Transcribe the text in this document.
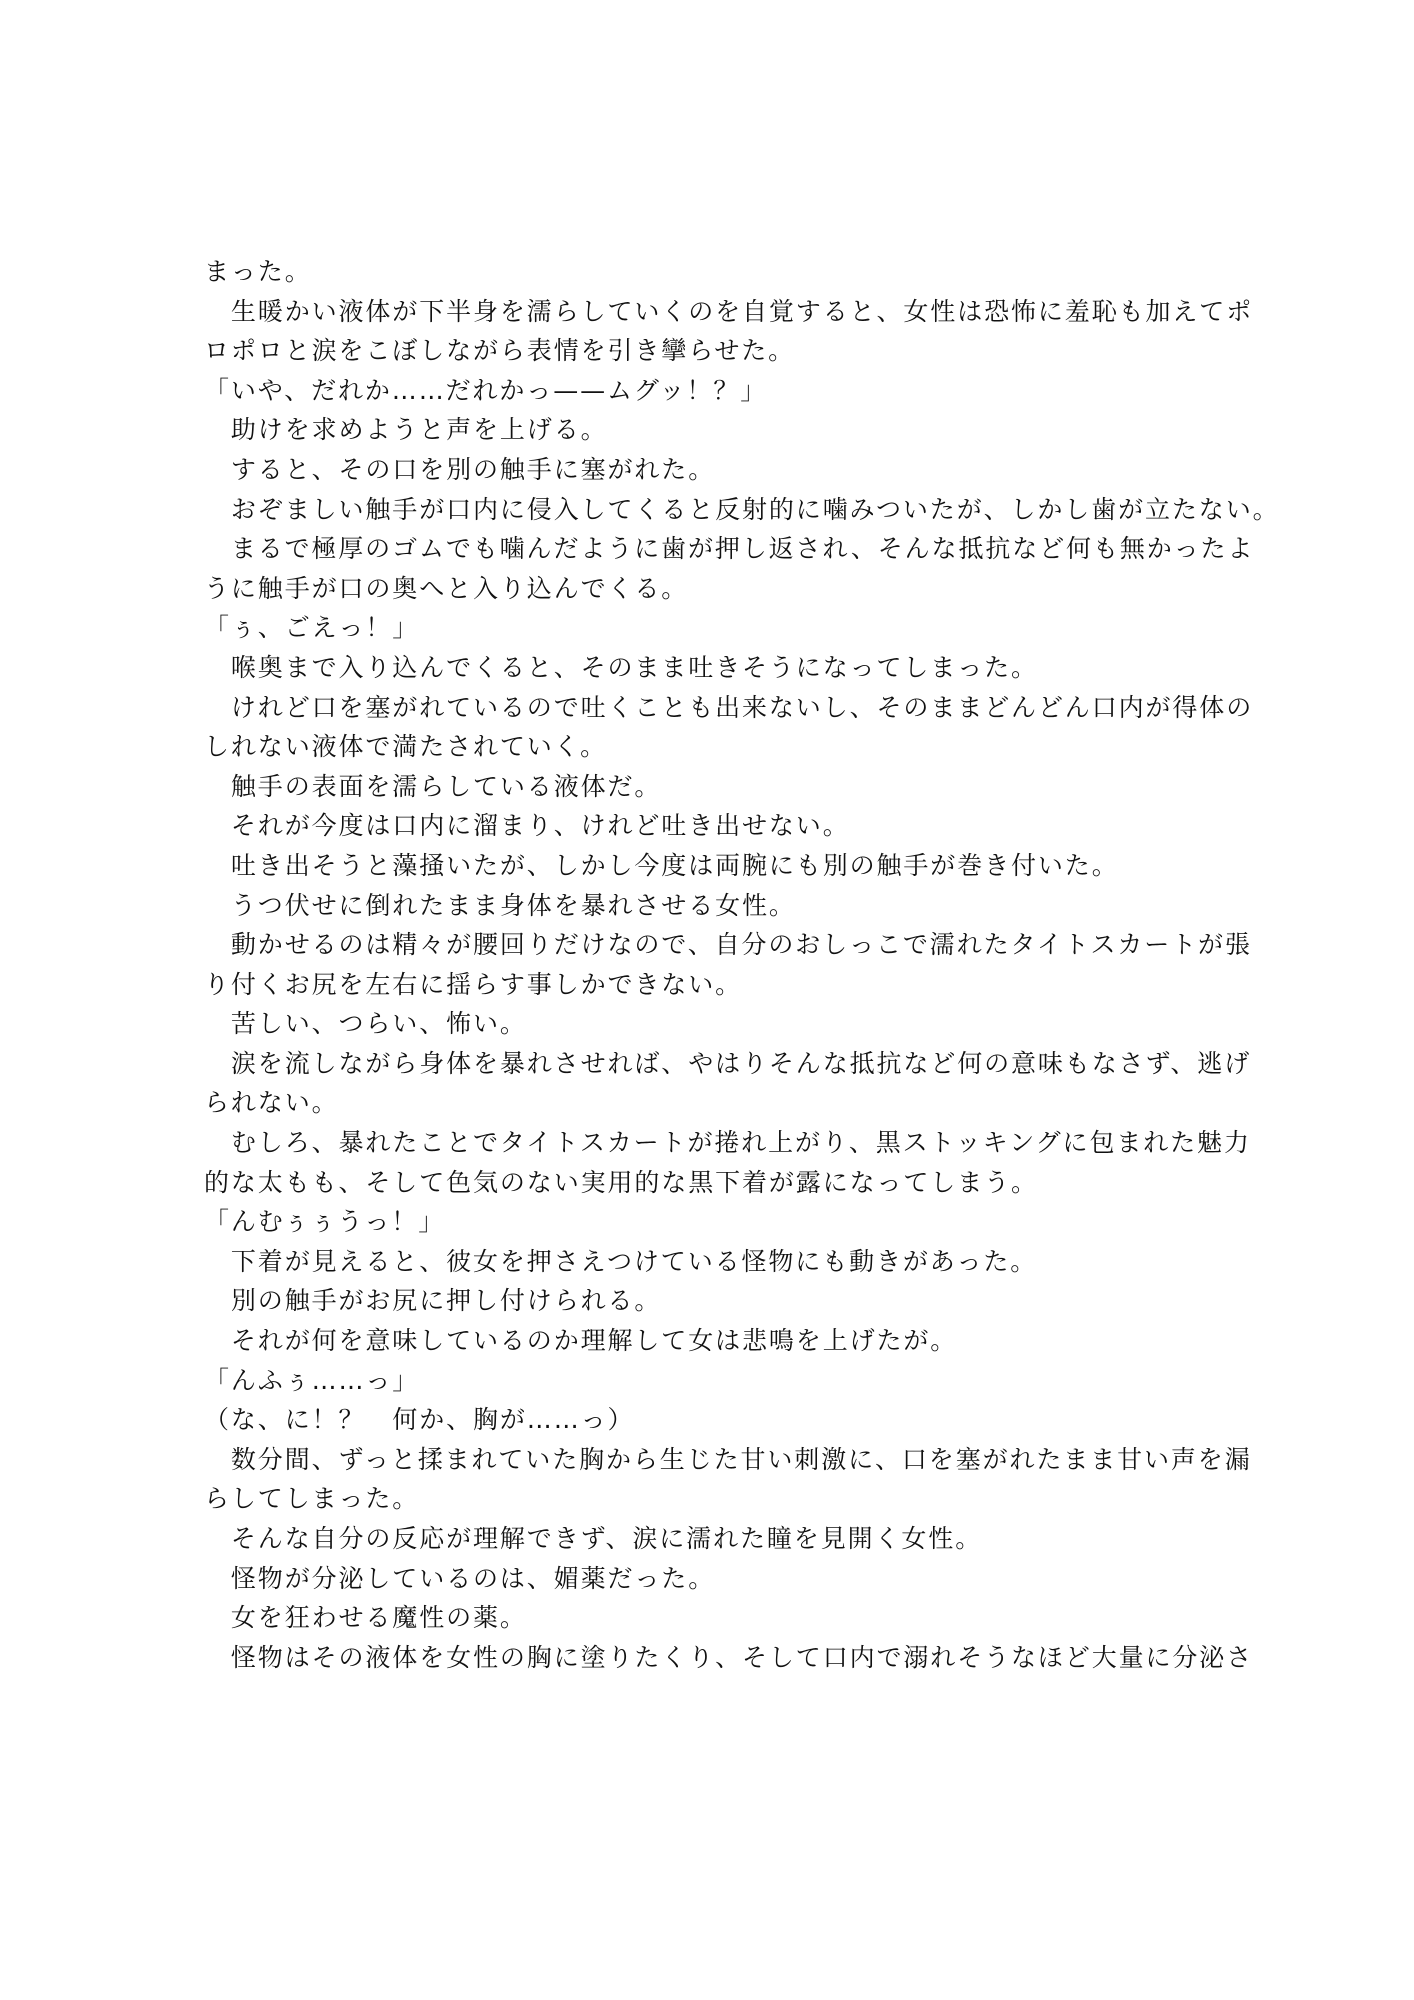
まった。
　生暖かい液体が下半身を濡らしていくのを自覚すると、女性は恐怖に羞恥も加えてポ
ロポロと涙をこぼしながら表情を引き攣らせた。
「いや、だれか……だれかっ——ムグッ！？」
　助けを求めようと声を上げる。
　すると、その口を別の触手に塞がれた。
　おぞましい触手が口内に侵入してくると反射的に噛みついたが、しかし歯が立たない。
　まるで極厚のゴムでも噛んだように歯が押し返され、そんな抵抗など何も無かったよ
うに触手が口の奥へと入り込んでくる。
「ぅ、ごえっ！」
　喉奥まで入り込んでくると、そのまま吐きそうになってしまった。
　けれど口を塞がれているので吐くことも出来ないし、そのままどんどん口内が得体の
しれない液体で満たされていく。
　触手の表面を濡らしている液体だ。
　それが今度は口内に溜まり、けれど吐き出せない。
　吐き出そうと藻掻いたが、しかし今度は両腕にも別の触手が巻き付いた。
　うつ伏せに倒れたまま身体を暴れさせる女性。
　動かせるのは精々が腰回りだけなので、自分のおしっこで濡れたタイトスカートが張
り付くお尻を左右に揺らす事しかできない。
　苦しい、つらい、怖い。
　涙を流しながら身体を暴れさせれば、やはりそんな抵抗など何の意味もなさず、逃げ
られない。
　むしろ、暴れたことでタイトスカートが捲れ上がり、黒ストッキングに包まれた魅力
的な太もも、そして色気のない実用的な黒下着が露になってしまう。
「んむぅぅうっ！」
　下着が見えると、彼女を押さえつけている怪物にも動きがあった。
　別の触手がお尻に押し付けられる。
　それが何を意味しているのか理解して女は悲鳴を上げたが。
「んふぅ……っ」
（な、に！？　何か、胸が……っ）
　数分間、ずっと揉まれていた胸から生じた甘い刺激に、口を塞がれたまま甘い声を漏
らしてしまった。
　そんな自分の反応が理解できず、涙に濡れた瞳を見開く女性。
　怪物が分泌しているのは、媚薬だった。
　女を狂わせる魔性の薬。
　怪物はその液体を女性の胸に塗りたくり、そして口内で溺れそうなほど大量に分泌さ
